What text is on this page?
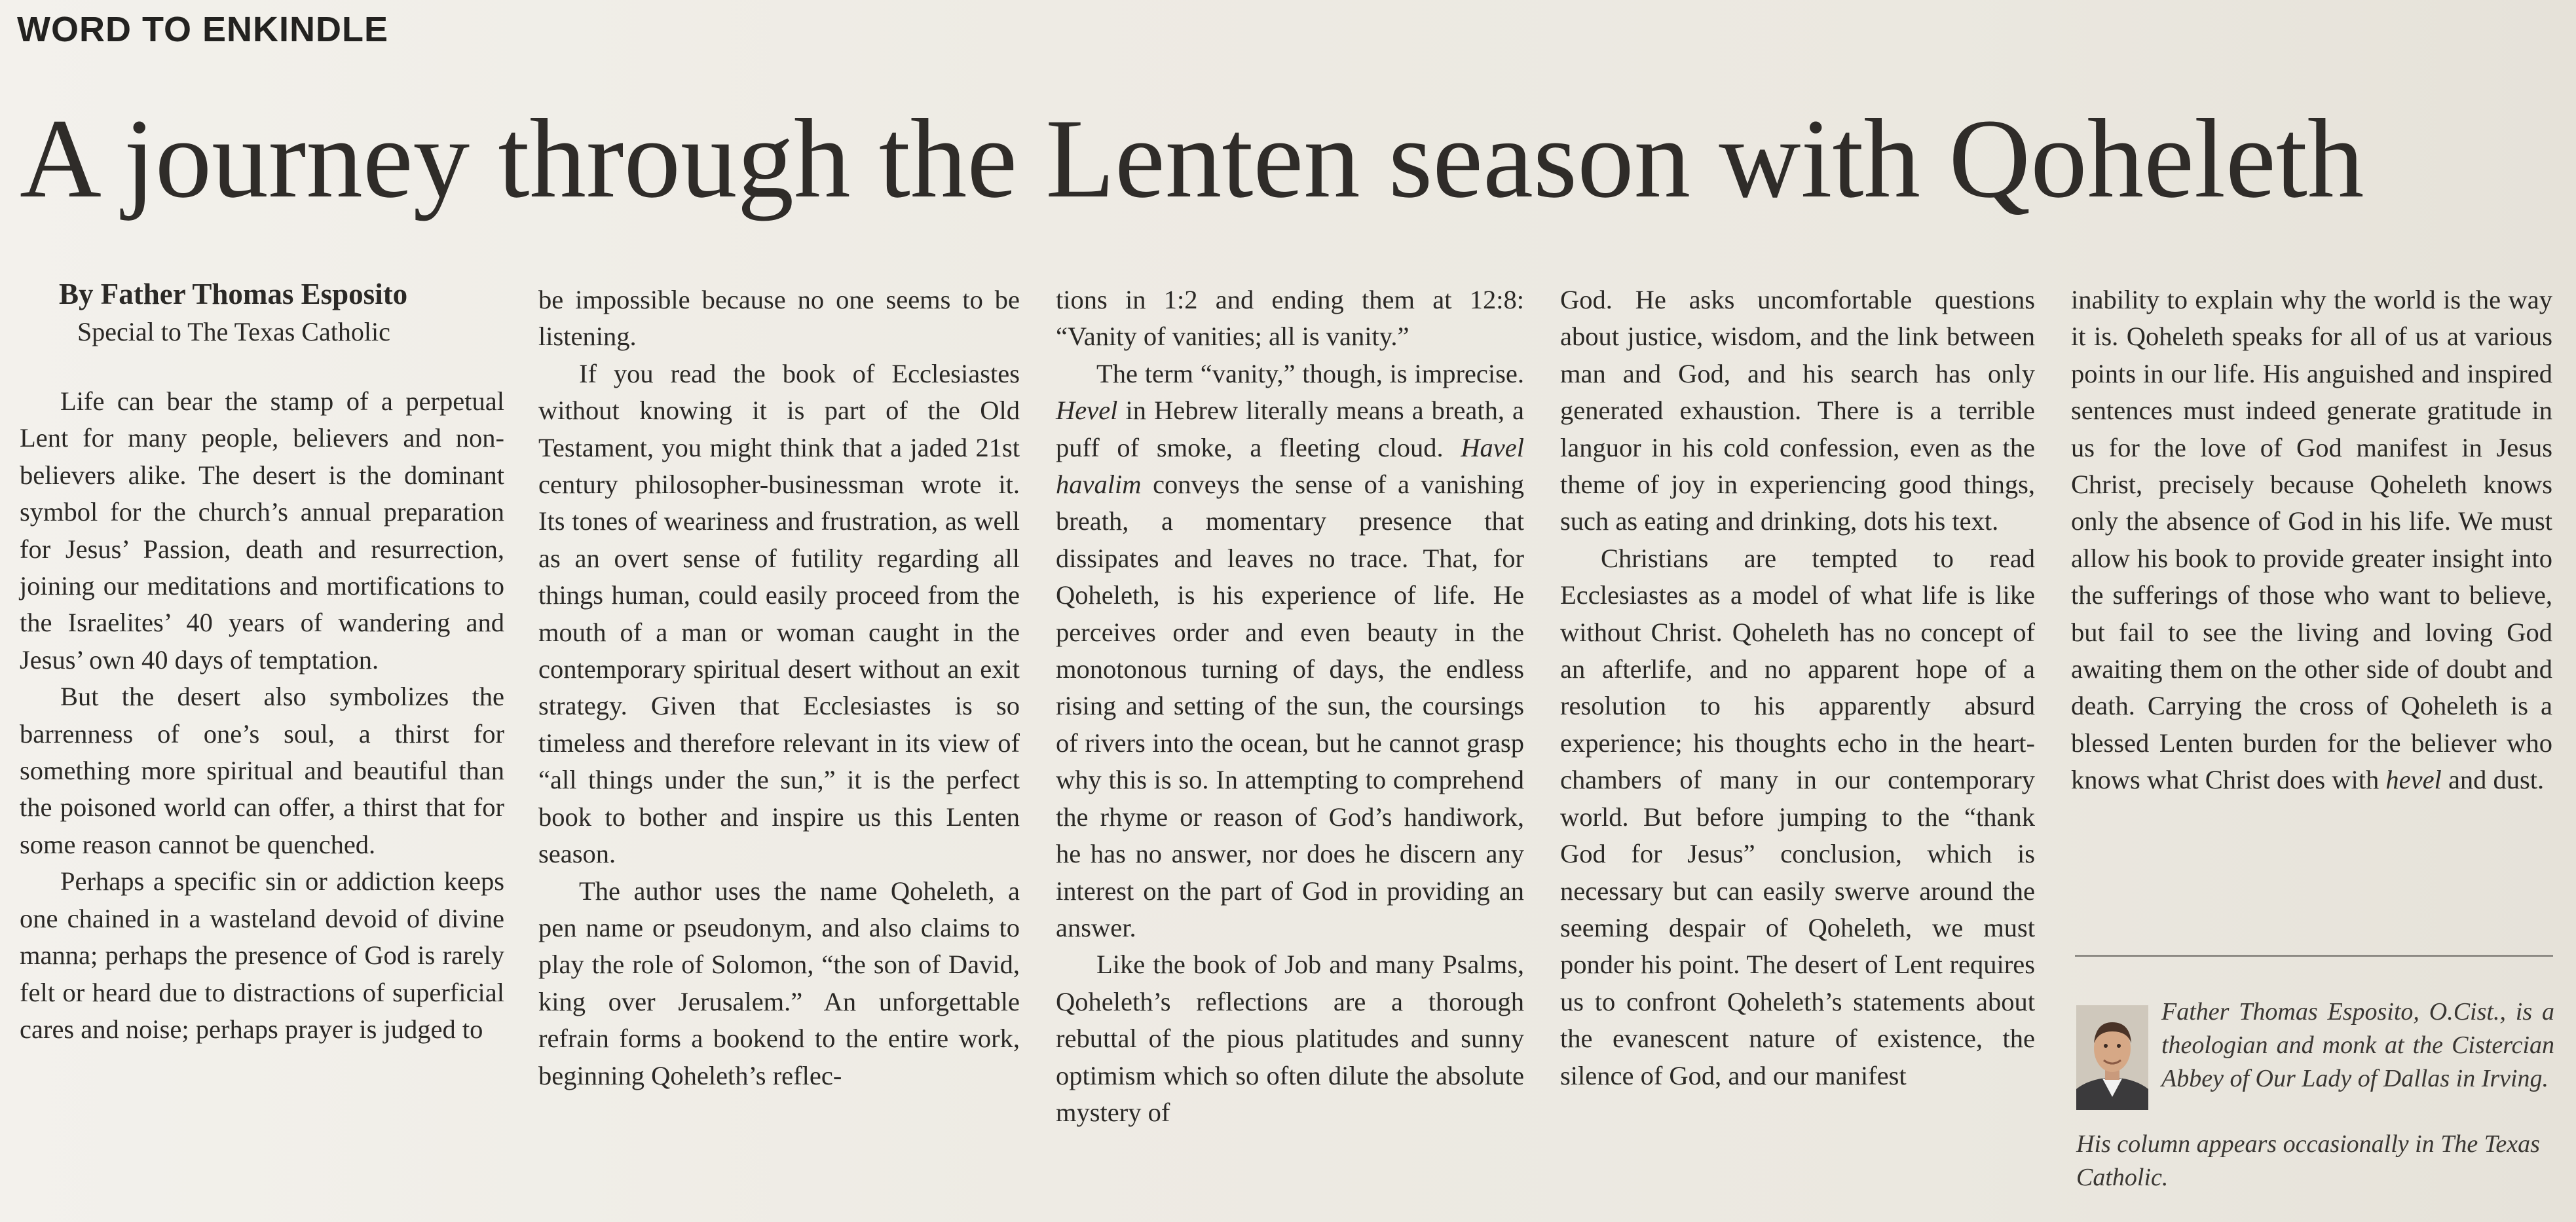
WORD TO ENKINDLE
A journey through the Lenten season with Qoheleth
By Father Thomas Esposito
Special to The Texas Catholic

Life can bear the stamp of a perpetual Lent for many people, believers and non-believers alike. The desert is the dominant symbol for the church’s annual preparation for Jesus’ Passion, death and resurrection, joining our meditations and mortifications to the Israelites’ 40 years of wandering and Jesus’ own 40 days of temptation.

But the desert also symbolizes the barrenness of one’s soul, a thirst for something more spiritual and beautiful than the poisoned world can offer, a thirst that for some reason cannot be quenched.

Perhaps a specific sin or addiction keeps one chained in a wasteland devoid of divine manna; perhaps the presence of God is rarely felt or heard due to distractions of superficial cares and noise; perhaps prayer is judged to

be impossible because no one seems to be listening.

If you read the book of Ecclesiastes without knowing it is part of the Old Testament, you might think that a jaded 21st century philosopher-businessman wrote it. Its tones of weariness and frustration, as well as an overt sense of futility regarding all things human, could easily proceed from the mouth of a man or woman caught in the contemporary spiritual desert without an exit strategy. Given that Ecclesiastes is so timeless and therefore relevant in its view of “all things under the sun,” it is the perfect book to bother and inspire us this Lenten season.

The author uses the name Qoheleth, a pen name or pseudonym, and also claims to play the role of Solomon, “the son of David, king over Jerusalem.” An unforgettable refrain forms a bookend to the entire work, beginning Qoheleth’s reflec-

tions in 1:2 and ending them at 12:8: “Vanity of vanities; all is vanity.”

The term “vanity,” though, is imprecise. Hevel in Hebrew literally means a breath, a puff of smoke, a fleeting cloud. Havel havalim conveys the sense of a vanishing breath, a momentary presence that dissipates and leaves no trace. That, for Qoheleth, is his experience of life. He perceives order and even beauty in the monotonous turning of days, the endless rising and setting of the sun, the coursings of rivers into the ocean, but he cannot grasp why this is so. In attempting to comprehend the rhyme or reason of God’s handiwork, he has no answer, nor does he discern any interest on the part of God in providing an answer.

Like the book of Job and many Psalms, Qoheleth’s reflections are a thorough rebuttal of the pious platitudes and sunny optimism which so often dilute the absolute mystery of

God. He asks uncomfortable questions about justice, wisdom, and the link between man and God, and his search has only generated exhaustion. There is a terrible languor in his cold confession, even as the theme of joy in experiencing good things, such as eating and drinking, dots his text.

Christians are tempted to read Ecclesiastes as a model of what life is like without Christ. Qoheleth has no concept of an afterlife, and no apparent hope of a resolution to his apparently absurd experience; his thoughts echo in the heart-chambers of many in our contemporary world. But before jumping to the “thank God for Jesus” conclusion, which is necessary but can easily swerve around the seeming despair of Qoheleth, we must ponder his point. The desert of Lent requires us to confront Qoheleth’s statements about the evanescent nature of existence, the silence of God, and our manifest

inability to explain why the world is the way it is. Qoheleth speaks for all of us at various points in our life. His anguished and inspired sentences must indeed generate gratitude in us for the love of God manifest in Jesus Christ, precisely because Qoheleth knows only the absence of God in his life. We must allow his book to provide greater insight into the sufferings of those who want to believe, but fail to see the living and loving God awaiting them on the other side of doubt and death. Carrying the cross of Qoheleth is a blessed Lenten burden for the believer who knows what Christ does with hevel and dust.

Father Thomas Esposito, O.Cist., is a theologian and monk at the Cistercian Abbey of Our Lady of Dallas in Irving.
His column appears occasionally in The Texas Catholic.
